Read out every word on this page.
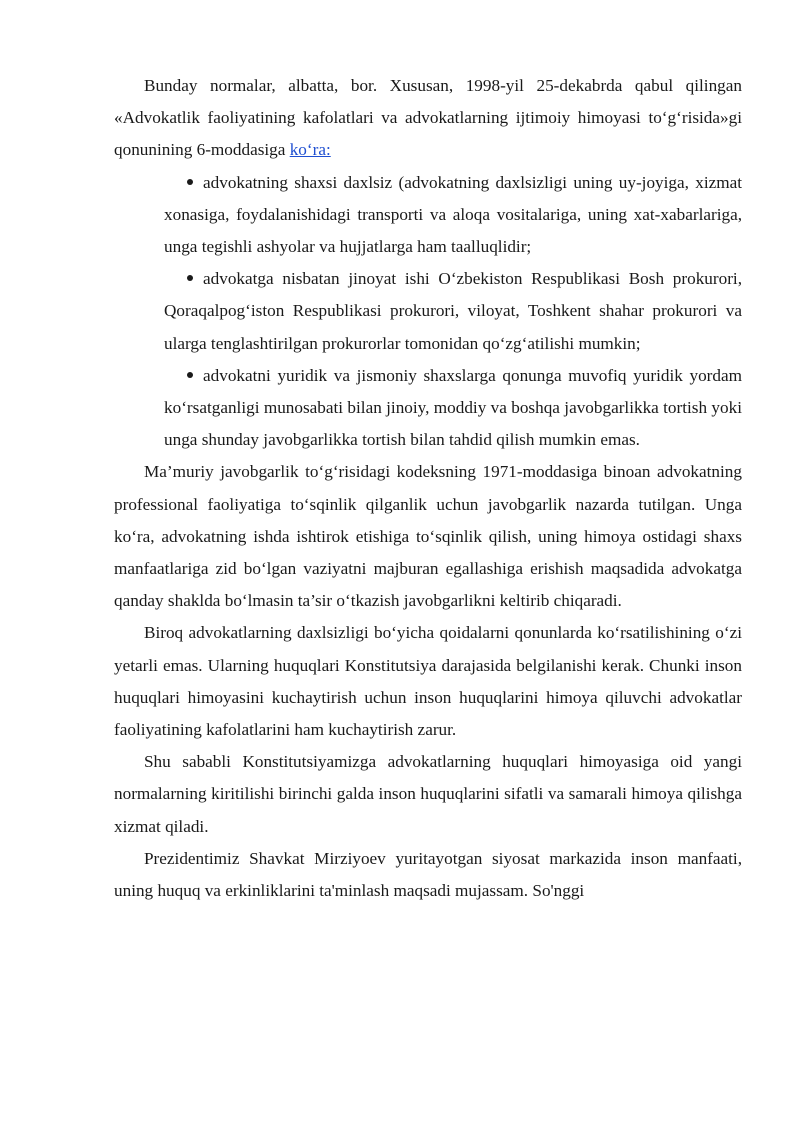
Bunday normalar, albatta, bor. Xususan, 1998-yil 25-dekabrda qabul qilingan «Advokatlik faoliyatining kafolatlari va advokatlarning ijtimoiy himoyasi to‘g‘risida»gi qonunining 6-moddasiga ko‘ra:

advokatning shaxsi daxlsiz (advokatning daxlsizligi uning uy-joyiga, xizmat xonasiga, foydalanishidagi transporti va aloqa vositalariga, uning xat-xabarlariga, unga tegishli ashyolar va hujjatlarga ham taalluqlidir;
advokatga nisbatan jinoyat ishi O‘zbekiston Respublikasi Bosh prokurori, Qoraqalpog‘iston Respublikasi prokurori, viloyat, Toshkent shahar prokurori va ularga tenglashtirilgan prokurorlar tomonidan qo‘zg‘atilishi mumkin;
advokatni yuridik va jismoniy shaxslarga qonunga muvofiq yuridik yordam ko‘rsatganligi munosabati bilan jinoiy, moddiy va boshqa javobgarlikka tortish yoki unga shunday javobgarlikka tortish bilan tahdid qilish mumkin emas.

Ma’muriy javobgarlik to‘g‘risidagi kodeksning 1971-moddasiga binoan advokatning professional faoliyatiga to‘sqinlik qilganlik uchun javobgarlik nazarda tutilgan. Unga ko‘ra, advokatning ishda ishtirok etishiga to‘sqinlik qilish, uning himoya ostidagi shaxs manfaatlariga zid bo‘lgan vaziyatni majburan egallashiga erishish maqsadida advokatga qanday shaklda bo‘lmasin ta’sir o‘tkazish javobgarlikni keltirib chiqaradi.

Biroq advokatlarning daxlsizligi bo‘yicha qoidalarni qonunlarda ko‘rsatilishining o‘zi yetarli emas. Ularning huquqlari Konstitutsiya darajasida belgilanishi kerak. Chunki inson huquqlari himoyasini kuchaytirish uchun inson huquqlarini himoya qiluvchi advokatlar faoliyatining kafolatlarini ham kuchaytirish zarur.

Shu sababli Konstitutsiyamizga advokatlarning huquqlari himoyasiga oid yangi normalarning kiritilishi birinchi galda inson huquqlarini sifatli va samarali himoya qilishga xizmat qiladi.

Prezidentimiz Shavkat Mirziyoev yuritayotgan siyosat markazida inson manfaati, uning huquq va erkinliklarini ta'minlash maqsadi mujassam. So'nggi
